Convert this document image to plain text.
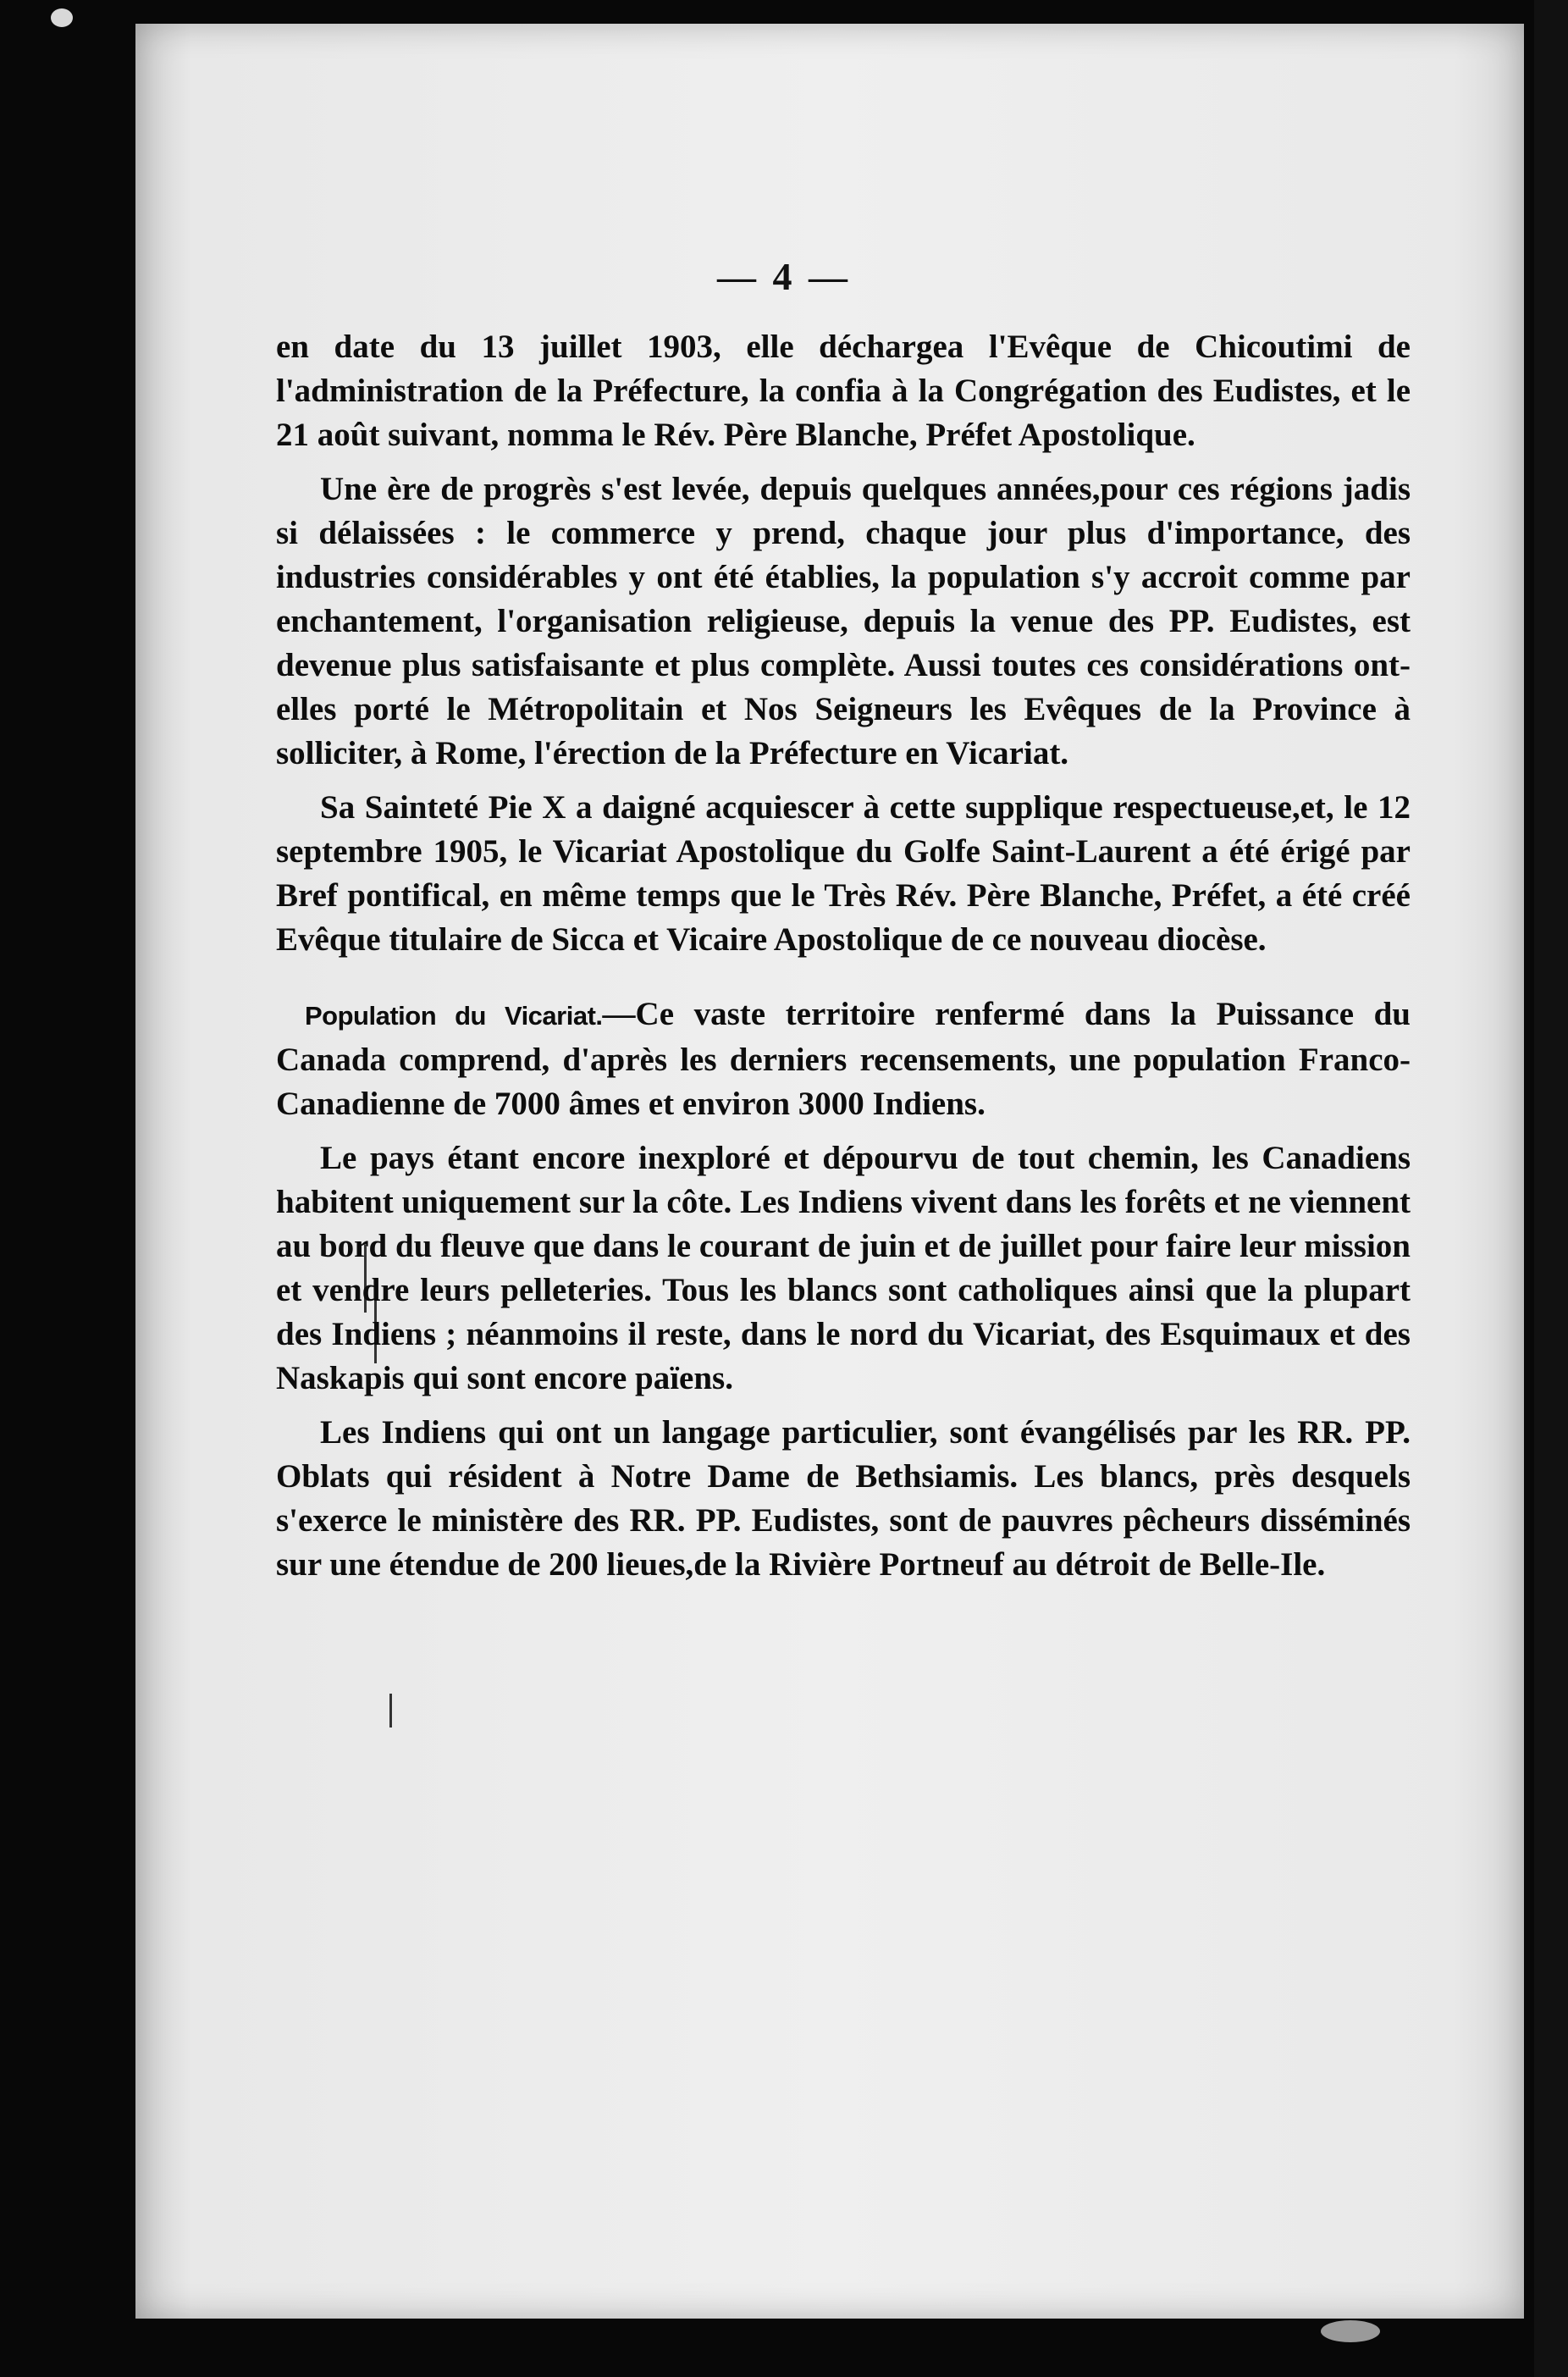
— 4 —

en date du 13 juillet 1903, elle déchargea l'Evêque de Chicoutimi de l'administration de la Préfecture, la confia à la Congrégation des Eudistes, et le 21 août suivant, nomma le Rév. Père Blanche, Préfet Apostolique.

Une ère de progrès s'est levée, depuis quelques années,pour ces régions jadis si délaissées : le commerce y prend, chaque jour plus d'importance, des industries considérables y ont été établies, la population s'y accroit comme par enchantement, l'organisation religieuse, depuis la venue des PP. Eudistes, est devenue plus satisfaisante et plus complète. Aussi toutes ces considérations ont-elles porté le Métropolitain et Nos Seigneurs les Evêques de la Province à solliciter, à Rome, l'érection de la Préfecture en Vicariat.

Sa Sainteté Pie X a daigné acquiescer à cette supplique respectueuse,et, le 12 septembre 1905, le Vicariat Apostolique du Golfe Saint-Laurent a été érigé par Bref pontifical, en même temps que le Très Rév. Père Blanche, Préfet, a été créé Evêque titulaire de Sicca et Vicaire Apostolique de ce nouveau diocèse.

Population du Vicariat.—Ce vaste territoire renfermé dans la Puissance du Canada comprend, d'après les derniers recensements, une population Franco-Canadienne de 7000 âmes et environ 3000 Indiens.

Le pays étant encore inexploré et dépourvu de tout chemin, les Canadiens habitent uniquement sur la côte. Les Indiens vivent dans les forêts et ne viennent au bord du fleuve que dans le courant de juin et de juillet pour faire leur mission et vendre leurs pelleteries. Tous les blancs sont catholiques ainsi que la plupart des Indiens ; néanmoins il reste, dans le nord du Vicariat, des Esquimaux et des Naskapis qui sont encore païens.

Les Indiens qui ont un langage particulier, sont évangélisés par les RR. PP. Oblats qui résident à Notre Dame de Bethsiamis. Les blancs, près desquels s'exerce le ministère des RR. PP. Eudistes, sont de pauvres pêcheurs disséminés sur une étendue de 200 lieues,de la Rivière Portneuf au détroit de Belle-Ile.
